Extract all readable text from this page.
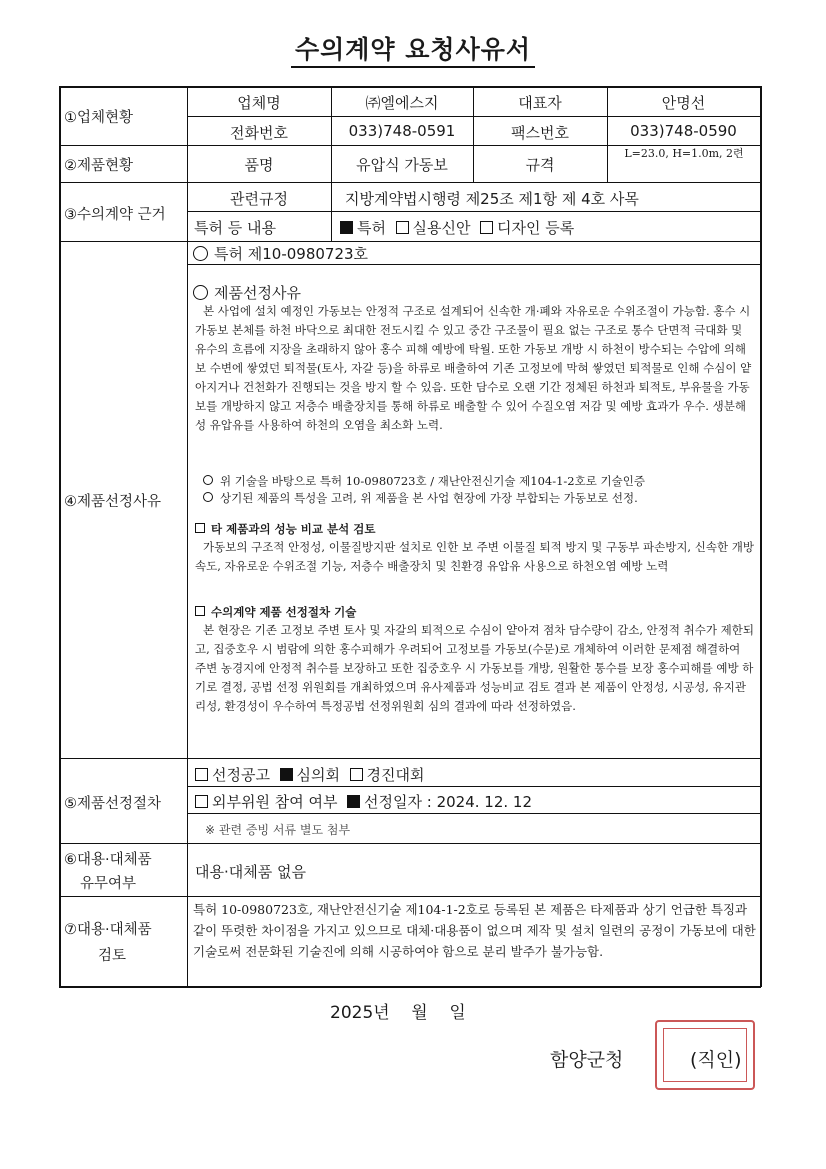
수의계약 요청사유서
①업체현황
업체명	㈜엘에스지	대표자	안명선
전화번호	033)748-0591	팩스번호	033)748-0590
②제품현황	품명	유압식 가동보	규격
L=23.0, H=1.0m, 2련
③수의계약 근거
관련규정	지방계약법시행령 제25조 제1항 제 4호 사목
특허 등 내용	특허 실용신안 디자인 등록
④제품선정사유
특허 제10-0980723호
제품선정사유
본 사업에 설치 예정인 가동보는 안정적 구조로 설계되어 신속한 개·폐와 자유로운 수위조절이 가능함. 홍수 시 가동보 본체를 하천 바닥으로 최대한 전도시킬 수 있고 중간 구조물이 필요 없는 구조로 통수 단면적 극대화 및 유수의 흐름에 지장을 초래하지 않아 홍수 피해 예방에 탁월. 또한 가동보 개방 시 하천이 방수되는 수압에 의해 보 수변에 쌓였던 퇴적물(토사, 자갈 등)을 하류로 배출하여 기존 고정보에 막혀 쌓였던 퇴적물로 인해 수심이 얕아지거나 건천화가 진행되는 것을 방지 할 수 있음. 또한 담수로 오랜 기간 정체된 하천과 퇴적토, 부유물을 가동보를 개방하지 않고 저층수 배출장치를 통해 하류로 배출할 수 있어 수질오염 저감 및 예방 효과가 우수. 생분해성 유압유를 사용하여 하천의 오염을 최소화 노력.
위 기술을 바탕으로 특허 10-0980723호 / 재난안전신기술 제104-1-2호로 기술인증
상기된 제품의 특성을 고려, 위 제품을 본 사업 현장에 가장 부합되는 가동보로 선정.
타 제품과의 성능 비교 분석 검토
가동보의 구조적 안정성, 이물질방지판 설치로 인한 보 주변 이물질 퇴적 방지 및 구동부 파손방지, 신속한 개방속도, 자유로운 수위조절 기능, 저층수 배출장치 및 친환경 유압유 사용으로 하천오염 예방 노력
수의계약 제품 선정절차 기술
본 현장은 기존 고정보 주변 토사 및 자갈의 퇴적으로 수심이 얕아져 점차 담수량이 감소, 안정적 취수가 제한되고, 집중호우 시 범람에 의한 홍수피해가 우려되어 고정보를 가동보(수문)로 개체하여 이러한 문제점 해결하여 주변 농경지에 안정적 취수를 보장하고 또한 집중호우 시 가동보를 개방, 원활한 통수를 보장 홍수피해를 예방 하기로 결정, 공법 선정 위원회를 개최하였으며 유사제품과 성능비교 검토 결과 본 제품이 안정성, 시공성, 유지관리성, 환경성이 우수하여 특정공법 선정위원회 심의 결과에 따라 선정하였음.
⑤제품선정절차
선정공고 심의회 경진대회
외부위원 참여 여부 선정일자 : 2024. 12. 12
※ 관련 증빙 서류 별도 첨부
⑥대용·대체품
유무여부
대용·대체품 없음
⑦대용·대체품
검토
특허 10-0980723호, 재난안전신기술 제104-1-2호로 등록된 본 제품은 타제품과 상기 언급한 특징과 같이 뚜렷한 차이점을 가지고 있으므로 대체·대용품이 없으며 제작 및 설치 일련의 공정이 가동보에 대한 기술로써 전문화된 기술진에 의해 시공하여야 함으로 분리 발주가 불가능함.
2025년    월    일
함양군청	(직인)
